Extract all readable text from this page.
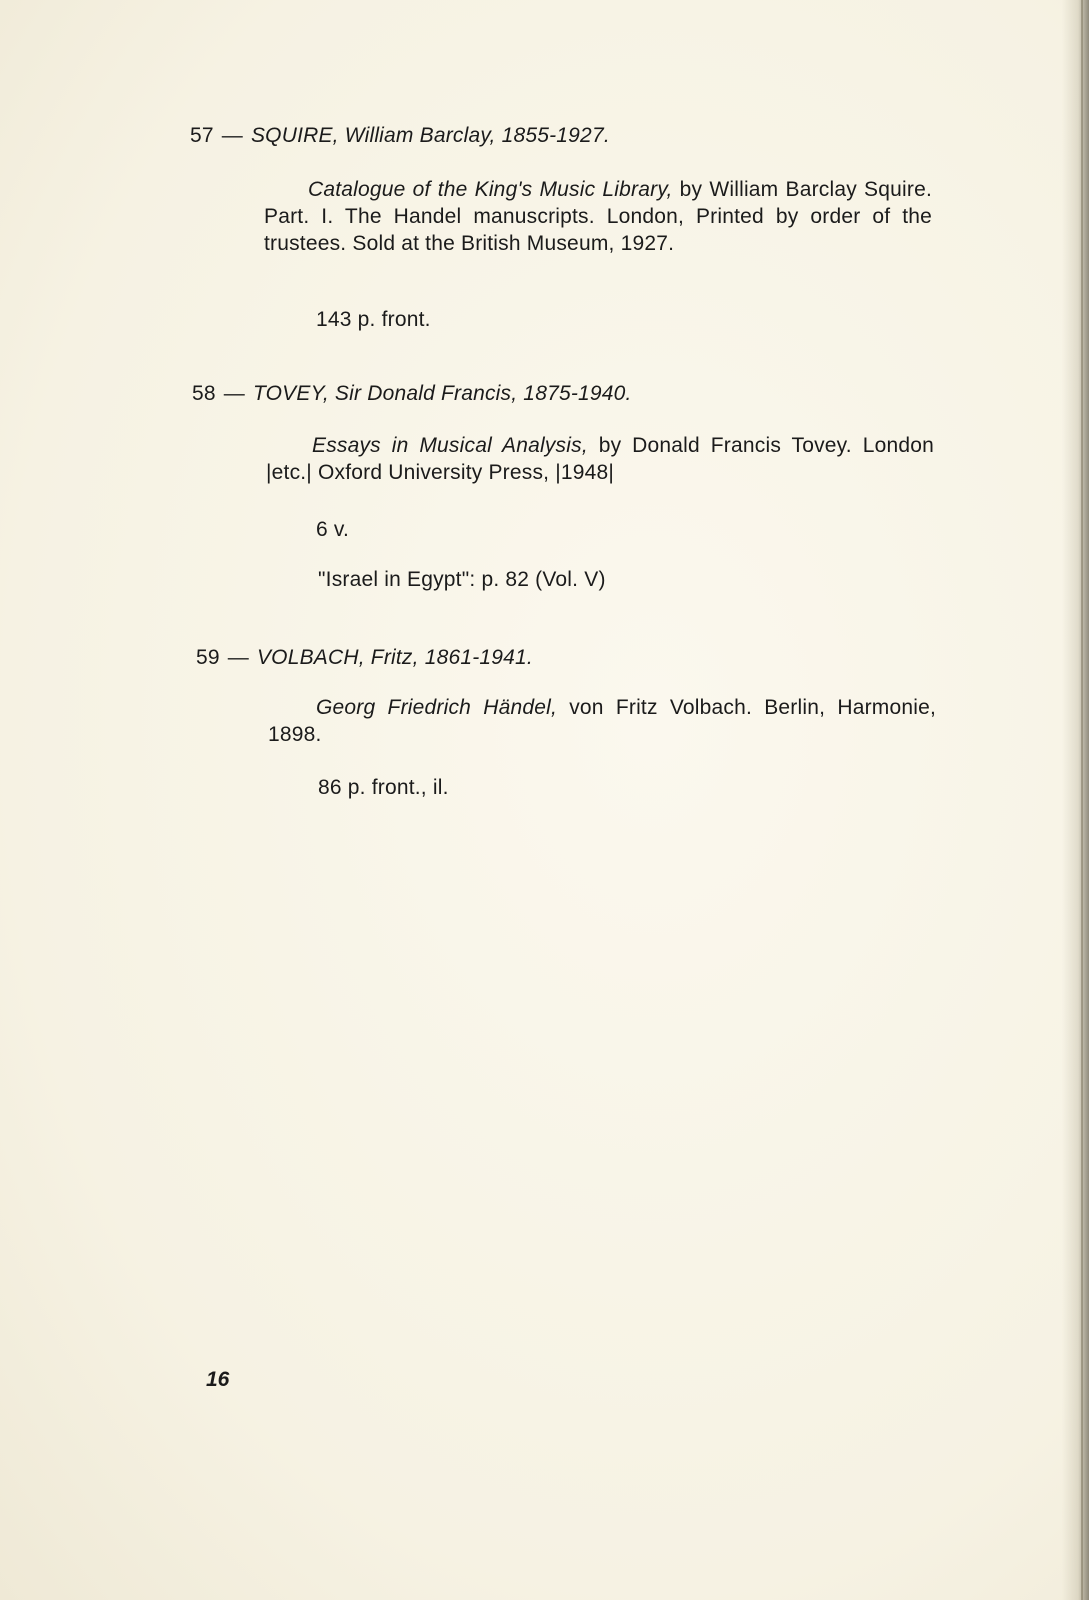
57 — SQUIRE, William Barclay, 1855-1927.
Catalogue of the King's Music Library, by William Barclay Squire. Part. I. The Handel manuscripts. London, Printed by order of the trustees. Sold at the British Museum, 1927.
143 p. front.
58 — TOVEY, Sir Donald Francis, 1875-1940.
Essays in Musical Analysis, by Donald Francis Tovey. London |etc.| Oxford University Press, |1948|
6 v.
"Israel in Egypt": p. 82 (Vol. V)
59 — VOLBACH, Fritz, 1861-1941.
Georg Friedrich Händel, von Fritz Volbach. Berlin, Harmonie, 1898.
86 p. front., il.
16
